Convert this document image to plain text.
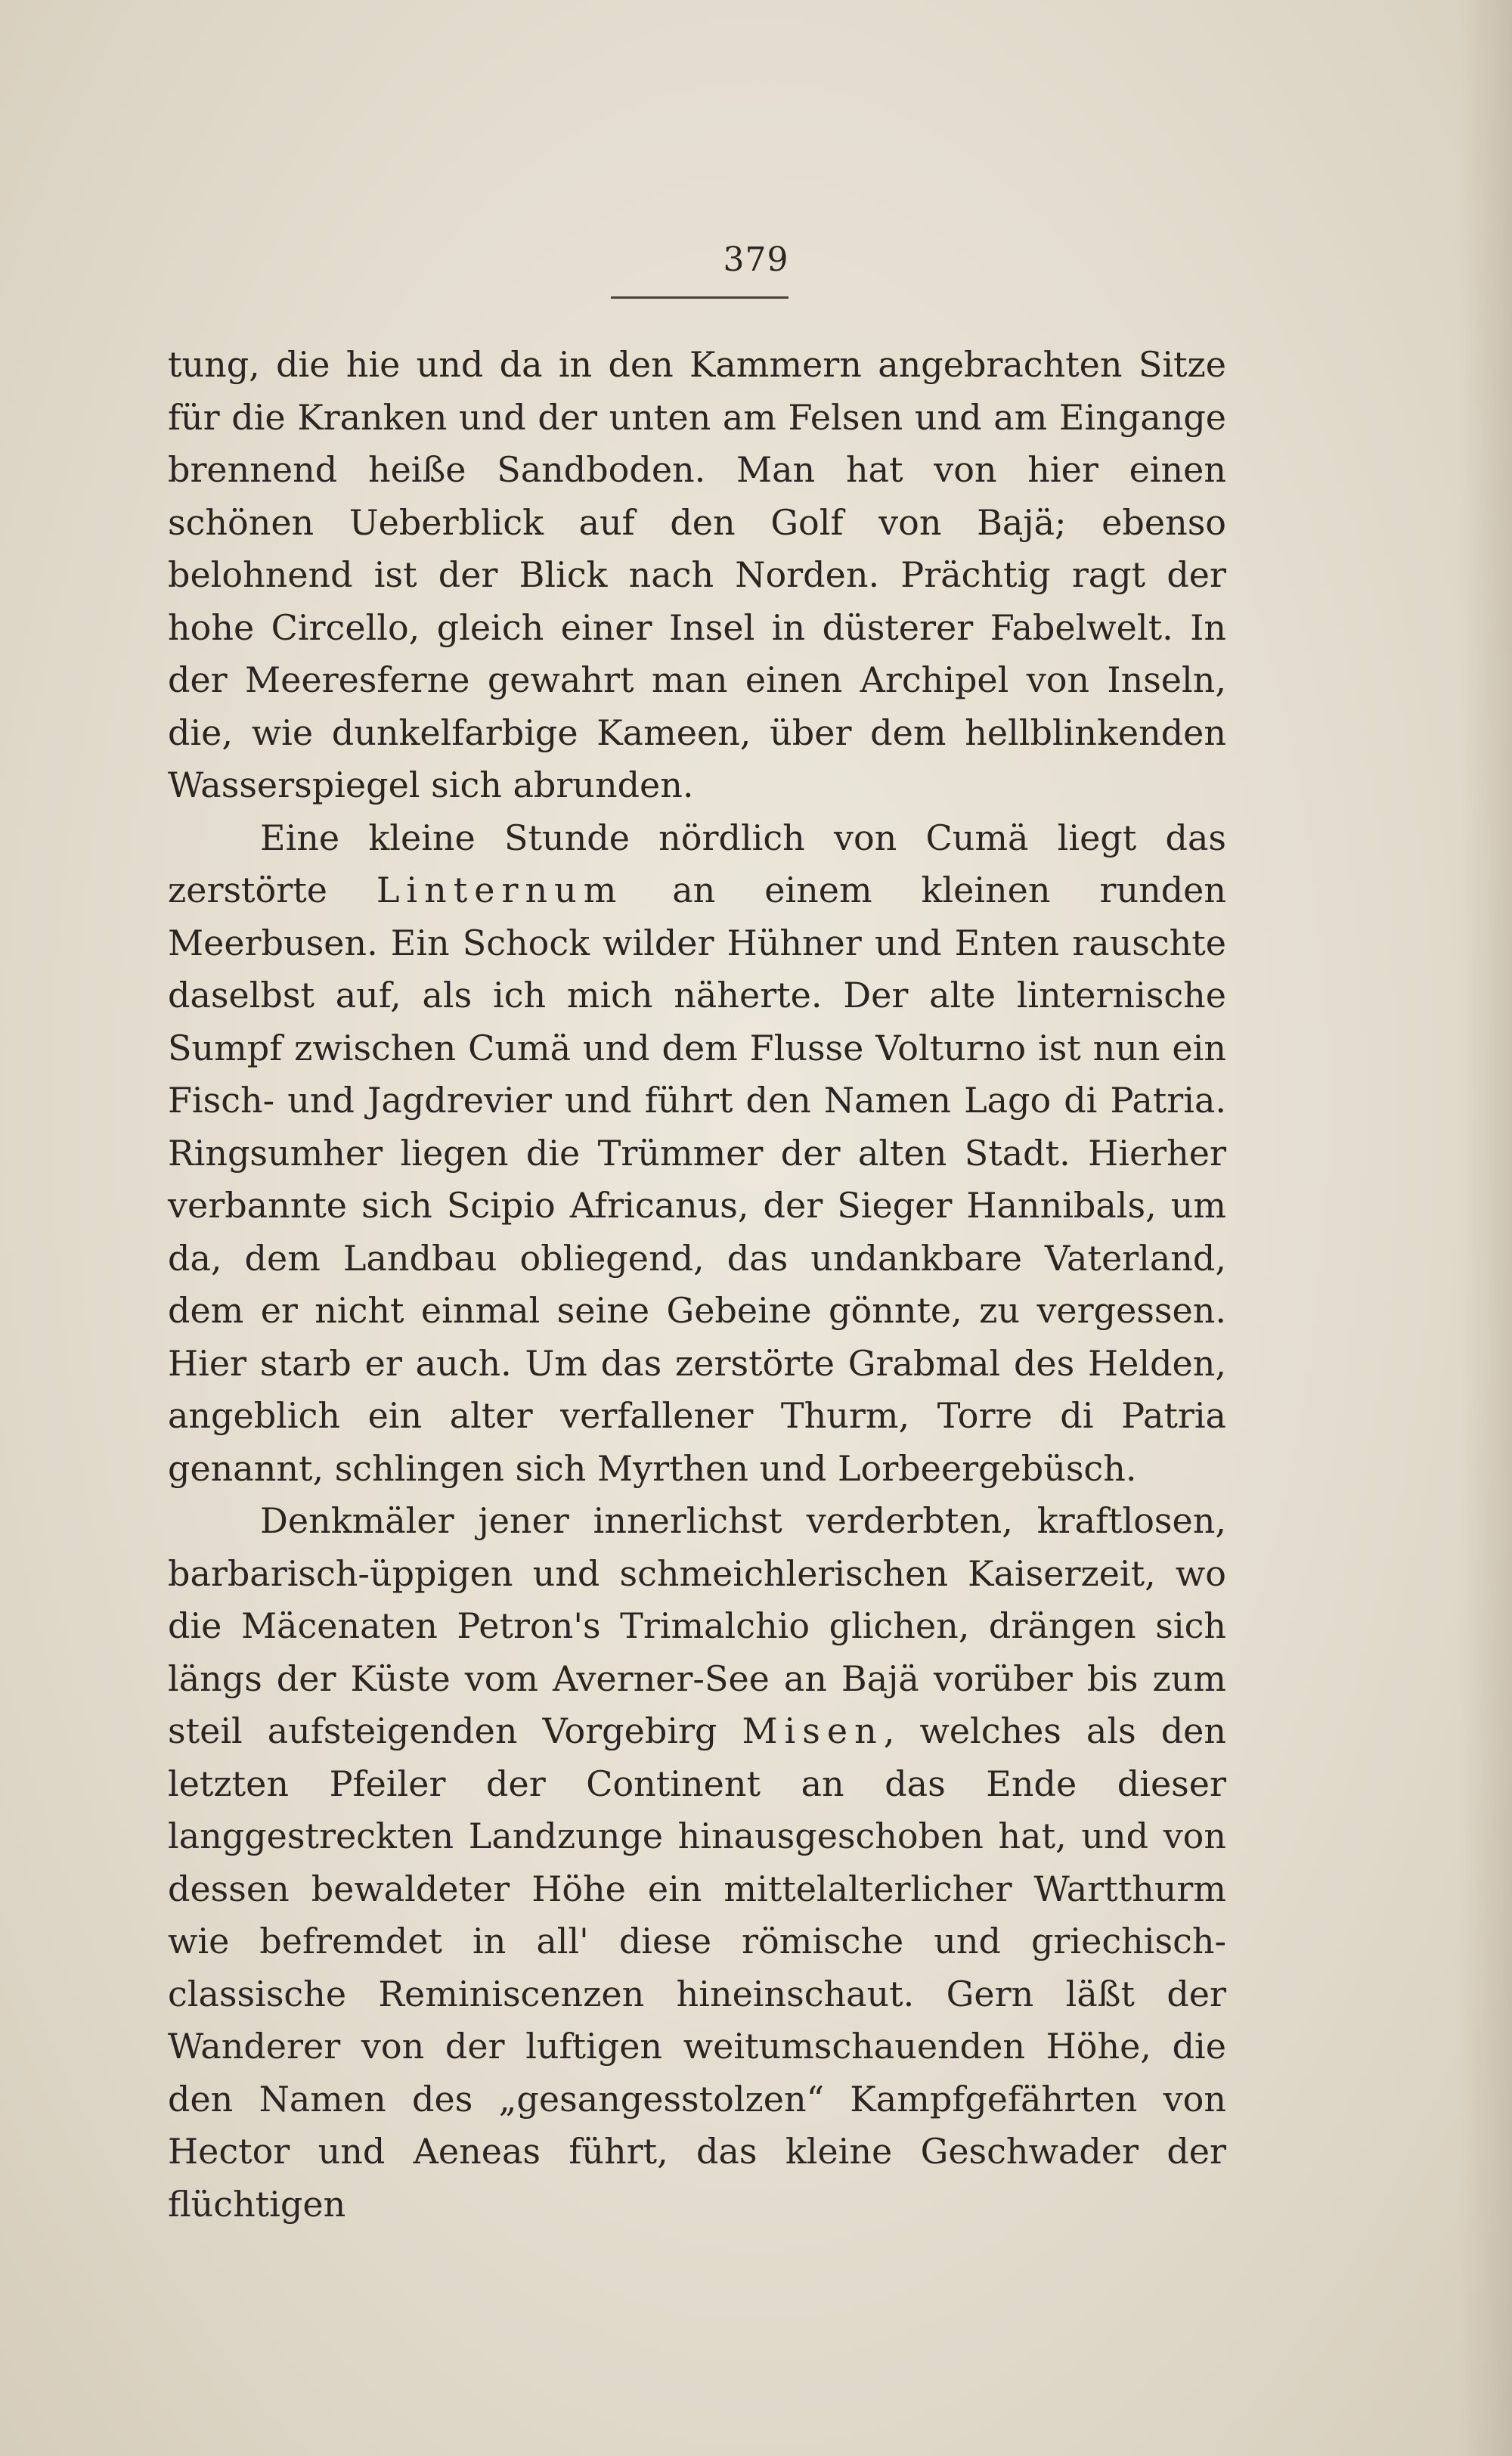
379

tung, die hie und da in den Kammern angebrachten Sitze für die Kranken und der unten am Felsen und am Eingange brennend heiße Sandboden. Man hat von hier einen schönen Ueberblick auf den Golf von Bajä; ebenso belohnend ist der Blick nach Norden. Prächtig ragt der hohe Circello, gleich einer Insel in düsterer Fabelwelt. In der Meeresferne gewahrt man einen Archipel von Inseln, die, wie dunkelfarbige Kameen, über dem hellblinkenden Wasserspiegel sich abrunden.

Eine kleine Stunde nördlich von Cumä liegt das zerstörte Linternum an einem kleinen runden Meerbusen. Ein Schock wilder Hühner und Enten rauschte daselbst auf, als ich mich näherte. Der alte linternische Sumpf zwischen Cumä und dem Flusse Volturno ist nun ein Fisch- und Jagdrevier und führt den Namen Lago di Patria. Ringsumher liegen die Trümmer der alten Stadt. Hierher verbannte sich Scipio Africanus, der Sieger Hannibals, um da, dem Landbau obliegend, das undankbare Vaterland, dem er nicht einmal seine Gebeine gönnte, zu vergessen. Hier starb er auch. Um das zerstörte Grabmal des Helden, angeblich ein alter verfallener Thurm, Torre di Patria genannt, schlingen sich Myrthen und Lorbeergebüsch.

Denkmäler jener innerlichst verderbten, kraftlosen, barbarisch-üppigen und schmeichlerischen Kaiserzeit, wo die Mäcenaten Petron's Trimalchio glichen, drängen sich längs der Küste vom Averner-See an Bajä vorüber bis zum steil aufsteigenden Vorgebirg Misen, welches als den letzten Pfeiler der Continent an das Ende dieser langgestreckten Landzunge hinausgeschoben hat, und von dessen bewaldeter Höhe ein mittelalterlicher Wartthurm wie befremdet in all' diese römische und griechisch-classische Reminiscenzen hineinschaut. Gern läßt der Wanderer von der luftigen weitumschauenden Höhe, die den Namen des „gesangesstolzen“ Kampfgefährten von Hector und Aeneas führt, das kleine Geschwader der flüchtigen
